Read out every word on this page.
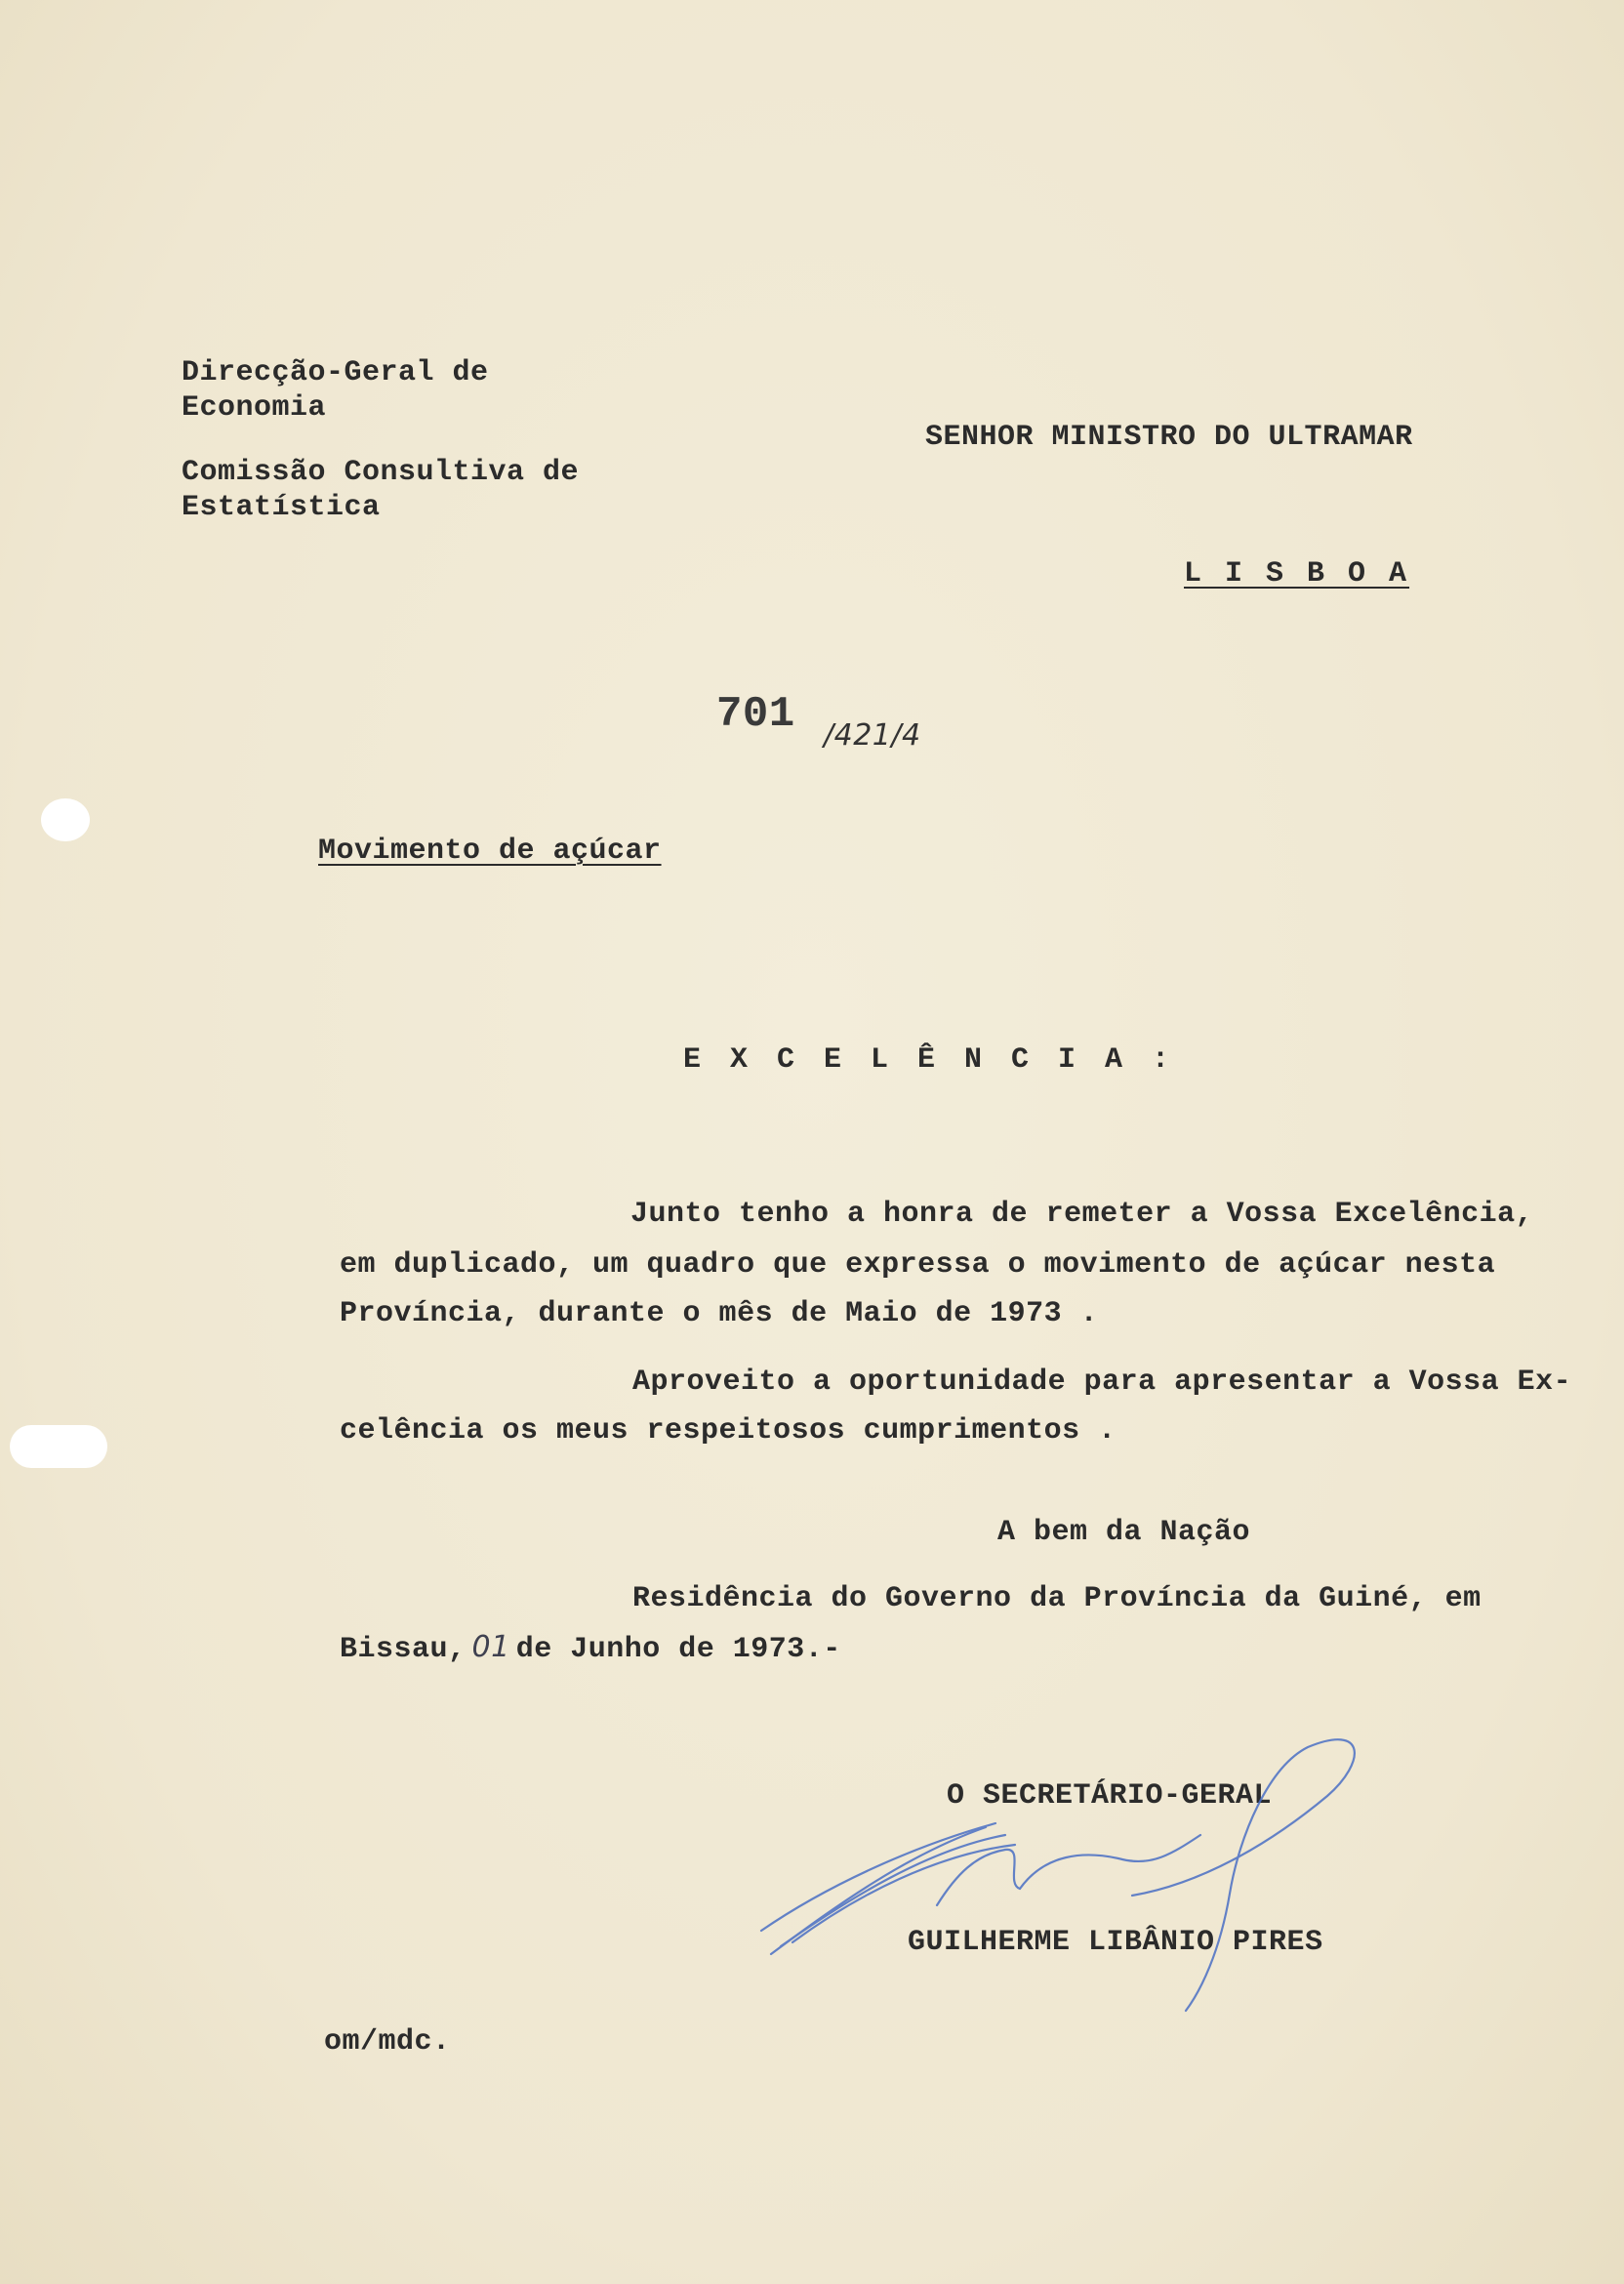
Direcção-Geral de
Economia
Comissão Consultiva de
Estatística
SENHOR MINISTRO DO ULTRAMAR
L I S B O A
701 /421/4
Movimento de açúcar
E X C E L Ê N C I A :
Junto tenho a honra de remeter a Vossa Excelência,
em duplicado, um quadro que expressa o movimento de açúcar nesta
Província, durante o mês de Maio de 1973 .
Aproveito a oportunidade para apresentar a Vossa Ex-
celência os meus respeitosos cumprimentos .
A bem da Nação
Residência do Governo da Província da Guiné, em
Bissau, 01 de Junho de 1973.-
O SECRETÁRIO-GERAL
GUILHERME LIBÂNIO PIRES
om/mdc.
